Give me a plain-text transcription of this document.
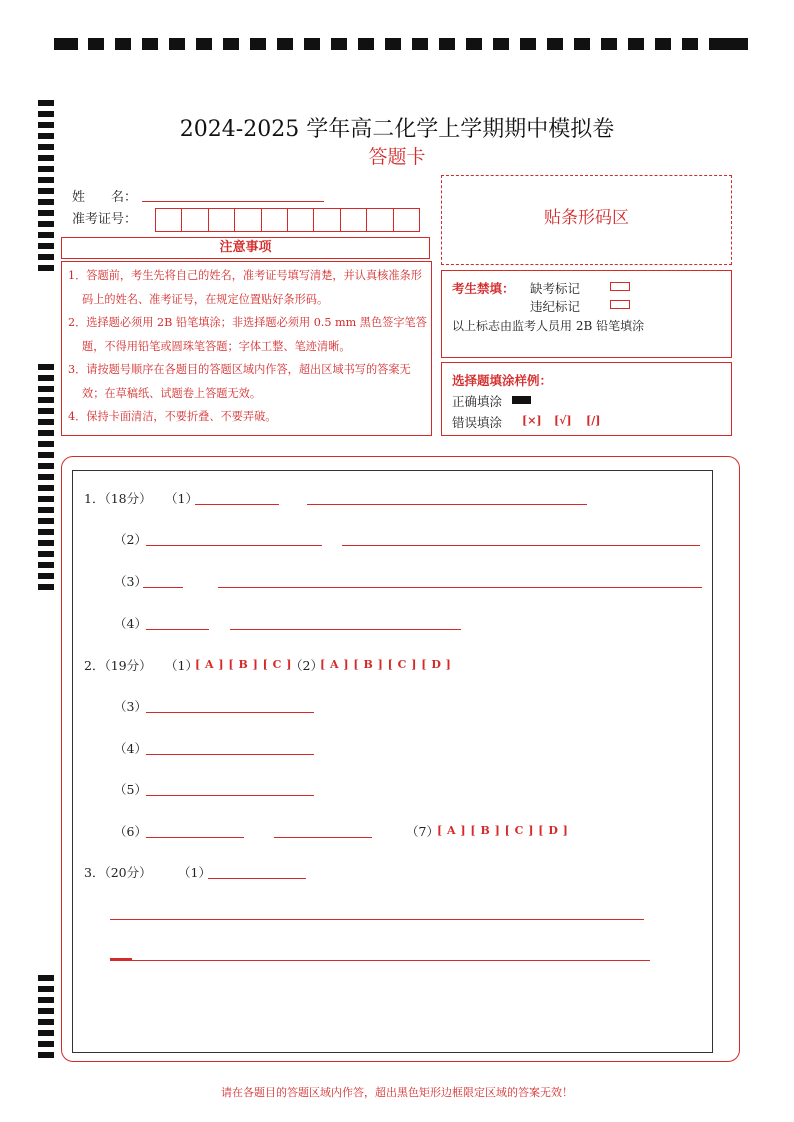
2024-2025 学年高二化学上学期期中模拟卷
答题卡
姓　　名：
准考证号：	贴条形码区
注意事项

1．答题前，考生先将自己的姓名，准考证号填写清楚，并认真核准条形码上的姓名、准考证号，在规定位置贴好条形码。

2．选择题必须用 2B 铅笔填涂；非选择题必须用 0.5 mm 黑色签字笔答题，不得用铅笔或圆珠笔答题；字体工整、笔迹清晰。

3．请按题号顺序在各题目的答题区域内作答，超出区域书写的答案无效；在草稿纸、试题卷上答题无效。

4．保持卡面清洁，不要折叠、不要弄破。

考生禁填： 缺考标记
违纪标记
以上标志由监考人员用 2B 铅笔填涂
选择题填涂样例：
正确填涂
错误填涂 [×] [√] [/]
1．（18分） （1）
（2）
（3）
（4）
2．（19分） （1）
[ A ] [ B ] [ C ]
（2）
[ A ] [ B ] [ C ] [ D ]
（3）
（4）
（5）
（6）	（7）
[ A ] [ B ] [ C ] [ D ]
3．（20分） （1）
请在各题目的答题区域内作答，超出黑色矩形边框限定区域的答案无效！
